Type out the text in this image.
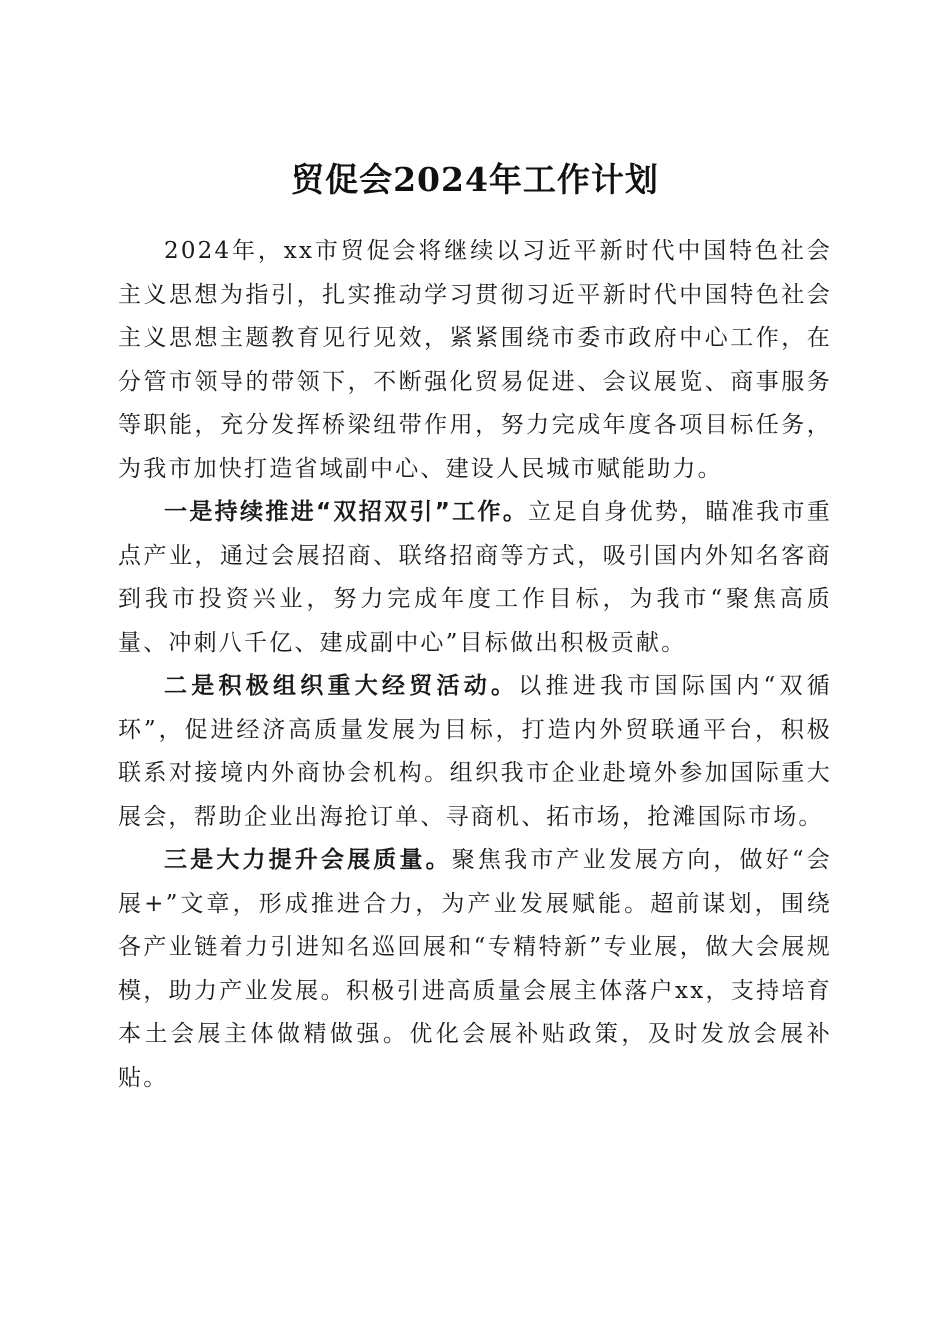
贸促会2024年工作计划

2024年，xx市贸促会将继续以习近平新时代中国特色社会主义思想为指引，扎实推动学习贯彻习近平新时代中国特色社会主义思想主题教育见行见效，紧紧围绕市委市政府中心工作，在分管市领导的带领下，不断强化贸易促进、会议展览、商事服务等职能，充分发挥桥梁纽带作用，努力完成年度各项目标任务，为我市加快打造省域副中心、建设人民城市赋能助力。

一是持续推进“双招双引”工作。立足自身优势，瞄准我市重点产业，通过会展招商、联络招商等方式，吸引国内外知名客商到我市投资兴业，努力完成年度工作目标，为我市“聚焦高质量、冲刺八千亿、建成副中心”目标做出积极贡献。

二是积极组织重大经贸活动。以推进我市国际国内“双循环”，促进经济高质量发展为目标，打造内外贸联通平台，积极联系对接境内外商协会机构。组织我市企业赴境外参加国际重大展会，帮助企业出海抢订单、寻商机、拓市场，抢滩国际市场。

三是大力提升会展质量。聚焦我市产业发展方向，做好“会展+”文章，形成推进合力，为产业发展赋能。超前谋划，围绕各产业链着力引进知名巡回展和“专精特新”专业展，做大会展规模，助力产业发展。积极引进高质量会展主体落户xx，支持培育本土会展主体做精做强。优化会展补贴政策，及时发放会展补贴。
